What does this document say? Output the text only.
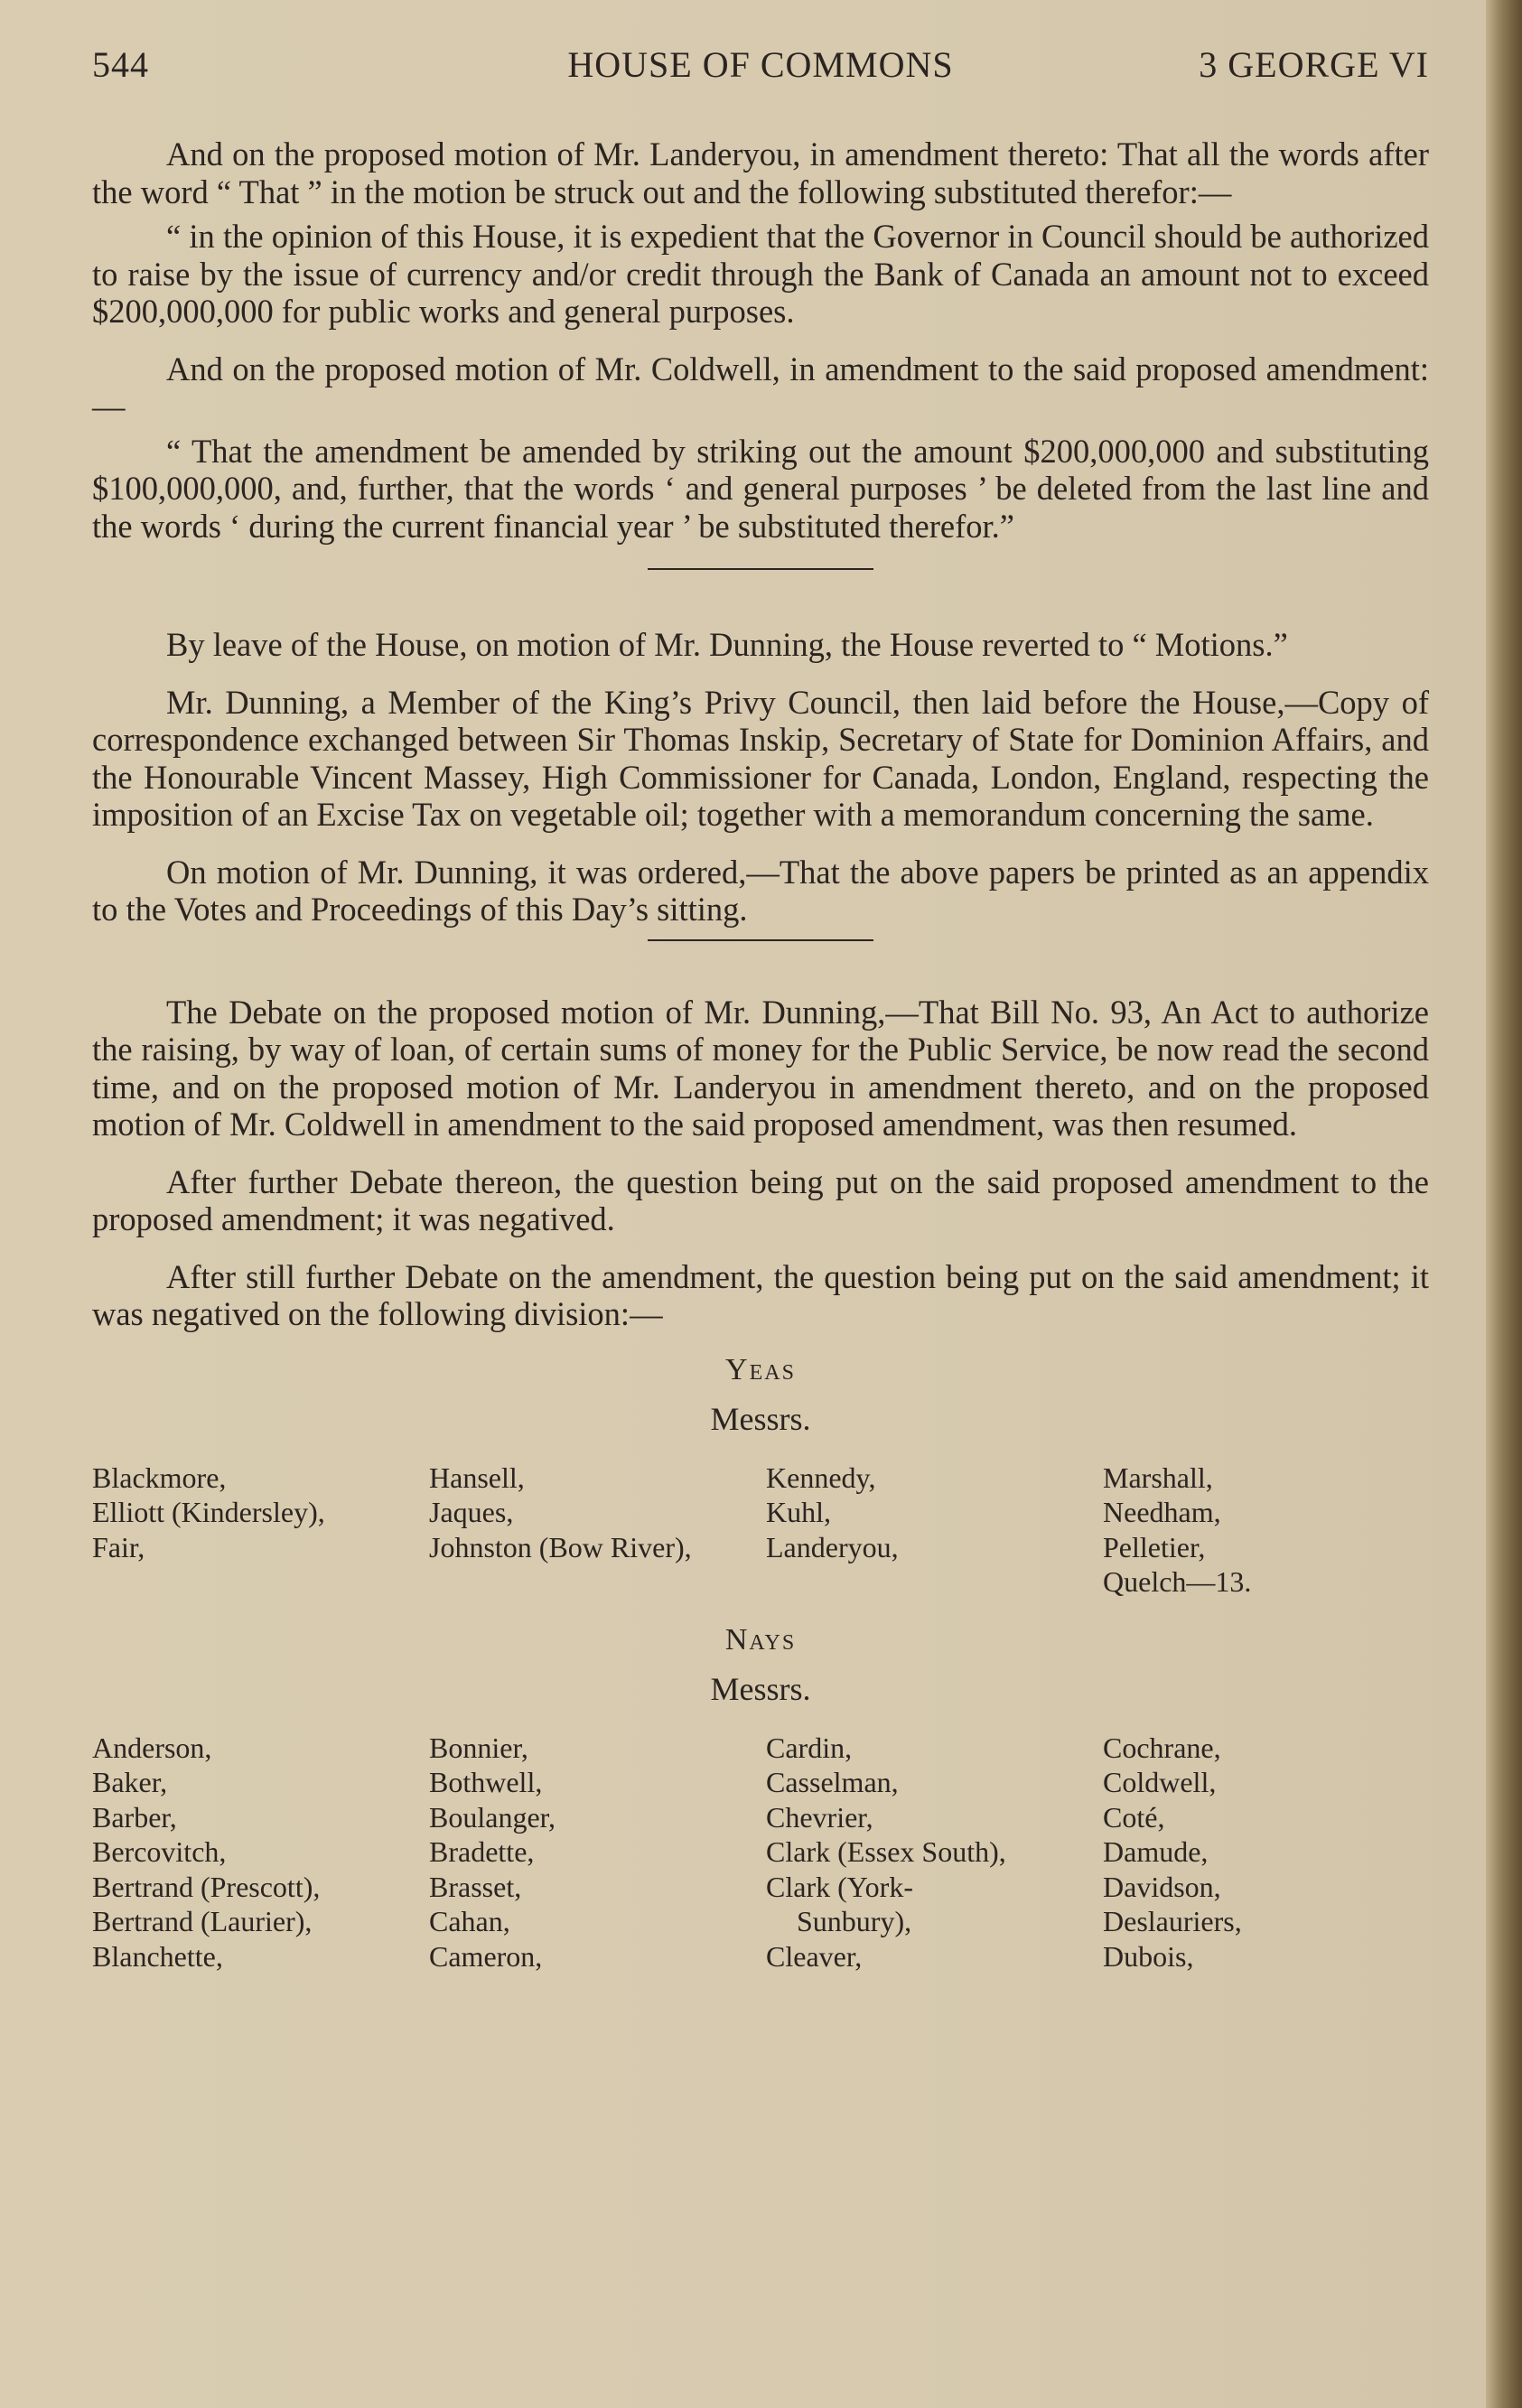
544	HOUSE OF COMMONS	3 GEORGE VI

And on the proposed motion of Mr. Landeryou, in amendment thereto: That all the words after the word “ That ” in the motion be struck out and the following substituted therefor:—

“ in the opinion of this House, it is expedient that the Governor in Council should be authorized to raise by the issue of currency and/or credit through the Bank of Canada an amount not to exceed $200,000,000 for public works and general purposes.

And on the proposed motion of Mr. Coldwell, in amendment to the said proposed amendment:—

“ That the amendment be amended by striking out the amount $200,000,000 and substituting $100,000,000, and, further, that the words ‘ and general purposes ’ be deleted from the last line and the words ‘ during the current financial year ’ be substituted therefor.”

By leave of the House, on motion of Mr. Dunning, the House reverted to “ Motions.”

Mr. Dunning, a Member of the King’s Privy Council, then laid before the House,—Copy of correspondence exchanged between Sir Thomas Inskip, Secretary of State for Dominion Affairs, and the Honourable Vincent Massey, High Commissioner for Canada, London, England, respecting the imposition of an Excise Tax on vegetable oil; together with a memorandum concerning the same.

On motion of Mr. Dunning, it was ordered,—That the above papers be printed as an appendix to the Votes and Proceedings of this Day’s sitting.

The Debate on the proposed motion of Mr. Dunning,—That Bill No. 93, An Act to authorize the raising, by way of loan, of certain sums of money for the Public Service, be now read the second time, and on the proposed motion of Mr. Landeryou in amendment thereto, and on the proposed motion of Mr. Coldwell in amendment to the said proposed amendment, was then resumed.

After further Debate thereon, the question being put on the said proposed amendment to the proposed amendment; it was negatived.

After still further Debate on the amendment, the question being put on the said amendment; it was negatived on the following division:—

Yeas
Messrs.
Blackmore,
Elliott (Kindersley),
Fair,
Hansell,
Jaques,
Johnston (Bow River),
Kennedy,
Kuhl,
Landeryou,
Marshall,
Needham,
Pelletier,
Quelch—13.
Nays
Messrs.
Anderson,
Baker,
Barber,
Bercovitch,
Bertrand (Prescott),
Bertrand (Laurier),
Blanchette,
Bonnier,
Bothwell,
Boulanger,
Bradette,
Brasset,
Cahan,
Cameron,
Cardin,
Casselman,
Chevrier,
Clark (Essex South),
Clark (York-
Sunbury),
Cleaver,
Cochrane,
Coldwell,
Coté,
Damude,
Davidson,
Deslauriers,
Dubois,
